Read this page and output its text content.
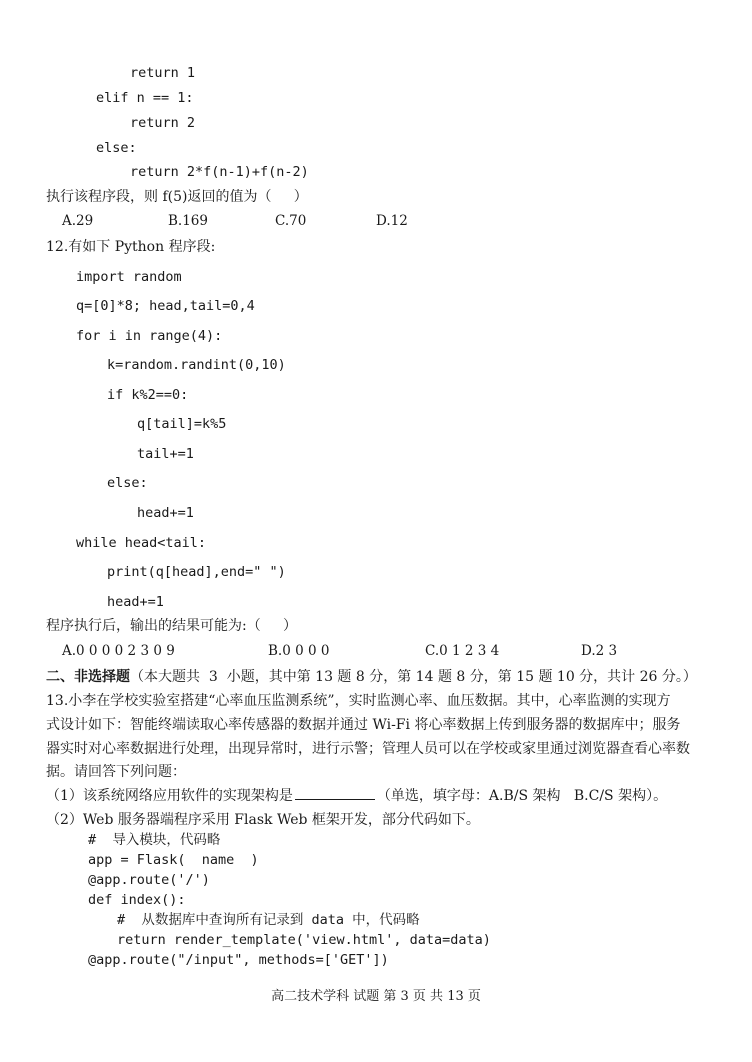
return 1
elif n == 1:
return 2
else:
return 2*f(n-1)+f(n-2)
执行该程序段，则 f(5)返回的值为（     ）
A.29	B.169	C.70	D.12
12.有如下 Python 程序段:
import random
q=[0]*8; head,tail=0,4
for i in range(4):
k=random.randint(0,10)
if k%2==0:
q[tail]=k%5
tail+=1
else:
head+=1
while head<tail:
print(q[head],end=" ")
head+=1
程序执行后，输出的结果可能为:（     ）
A.0 0 0 0 2 3 0 9	B.0 0 0 0	C.0 1 2 3 4	D.2 3
二、非选择题（本大题共  3  小题，其中第 13 题 8 分，第 14 题 8 分，第 15 题 10 分，共计 26 分。）
13.小李在学校实验室搭建“心率血压监测系统”，实时监测心率、血压数据。其中，心率监测的实现方
式设计如下：智能终端读取心率传感器的数据并通过 Wi-Fi 将心率数据上传到服务器的数据库中；服务
器实时对心率数据进行处理，出现异常时，进行示警；管理人员可以在学校或家里通过浏览器查看心率数
据。请回答下列问题：
（1）该系统网络应用软件的实现架构是	（单选，填字母：A.B/S 架构   B.C/S 架构）。
（2）Web 服务器端程序采用 Flask Web 框架开发，部分代码如下。
#  导入模块，代码略
app = Flask(  name  )
@app.route('/')
def index():
#  从数据库中查询所有记录到 data 中，代码略
return render_template('view.html', data=data)
@app.route("/input", methods=['GET'])
高二技术学科 试题 第 3 页 共 13 页
